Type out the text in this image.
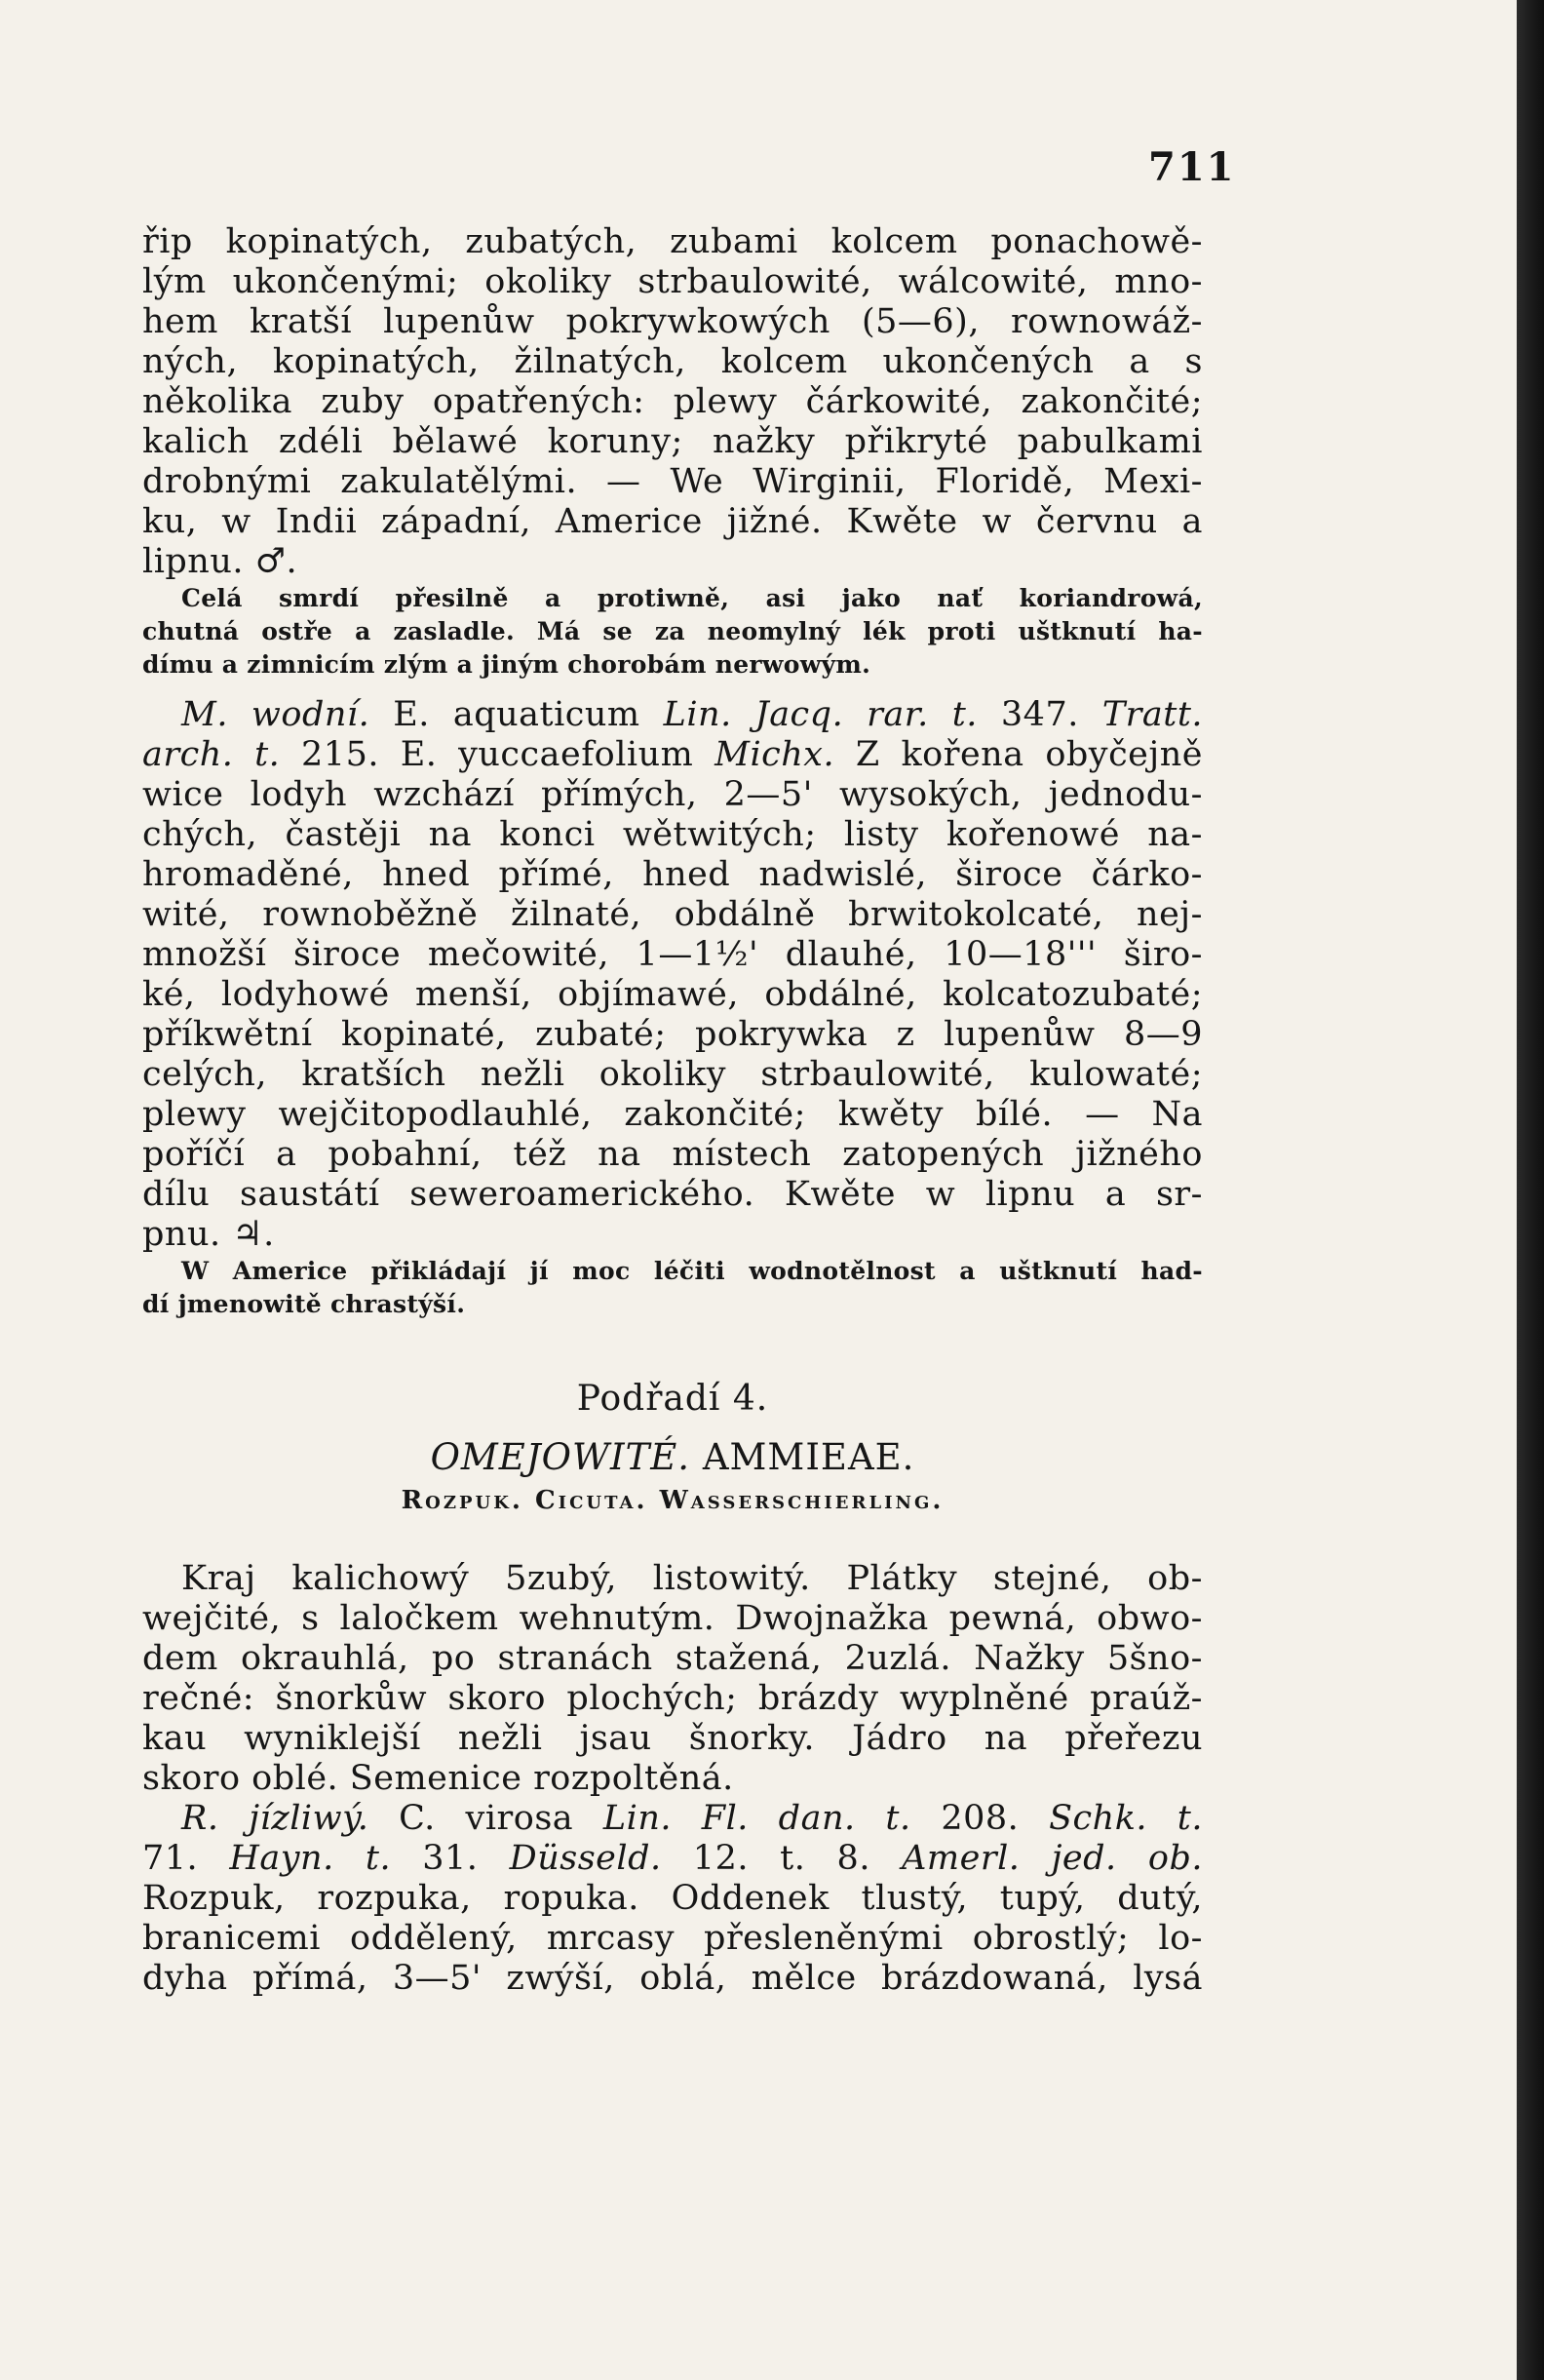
711
řip kopinatých, zubatých, zubami kolcem ponachowě-
lým ukončenými; okoliky strbaulowité, wálcowité, mno-
hem kratší lupenůw pokrywkowých (5—6), rownowáž-
ných, kopinatých, žilnatých, kolcem ukončených a s
několika zuby opatřených: plewy čárkowité, zakončité;
kalich zdéli bělawé koruny; nažky přikryté pabulkami
drobnými zakulatělými. — We Wirginii, Floridě, Mexi-
ku, w Indii západní, Americe jižné. Kwěte w červnu a
lipnu. ♂.
Celá smrdí přesilně a protiwně, asi jako nať koriandrowá,
chutná ostře a zasladle. Má se za neomylný lék proti uštknutí ha-
dímu a zimnicím zlým a jiným chorobám nerwowým.
M. wodní. E. aquaticum Lin. Jacq. rar. t. 347. Tratt.
arch. t. 215. E. yuccaefolium Michx. Z kořena obyčejně
wice lodyh wzchází přímých, 2—5' wysokých, jednodu-
chých, častěji na konci wětwitých; listy kořenowé na-
hromaděné, hned přímé, hned nadwislé, široce čárko-
wité, rownoběžně žilnaté, obdálně brwitokolcaté, nej-
množší široce mečowité, 1—1½' dlauhé, 10—18''' širo-
ké, lodyhowé menší, objímawé, obdálné, kolcatozubaté;
příkwětní kopinaté, zubaté; pokrywka z lupenůw 8—9
celých, kratších nežli okoliky strbaulowité, kulowaté;
plewy wejčitopodlauhlé, zakončité; kwěty bílé. — Na
poříčí a pobahní, též na místech zatopených jižného
dílu saustátí seweroamerického. Kwěte w lipnu a sr-
pnu. ♃.
W Americe přikládají jí moc léčiti wodnotělnost a uštknutí had-
dí jmenowitě chrastýší.
Podřadí 4.
OMEJOWITÉ. AMMIEAE.
Rozpuk. Cicuta. Wasserschierling.
Kraj kalichowý 5zubý, listowitý. Plátky stejné, ob-
wejčité, s laločkem wehnutým. Dwojnažka pewná, obwo-
dem okrauhlá, po stranách stažená, 2uzlá. Nažky 5šno-
rečné: šnorkůw skoro plochých; brázdy wyplněné praúž-
kau wyniklejší nežli jsau šnorky. Jádro na přeřezu
skoro oblé. Semenice rozpoltěná.
R. jízliwý. C. virosa Lin. Fl. dan. t. 208. Schk. t.
71. Hayn. t. 31. Düsseld. 12. t. 8. Amerl. jed. ob.
Rozpuk, rozpuka, ropuka. Oddenek tlustý, tupý, dutý,
branicemi oddělený, mrcasy přesleněnými obrostlý; lo-
dyha přímá, 3—5' zwýší, oblá, mělce brázdowaná, lysá
